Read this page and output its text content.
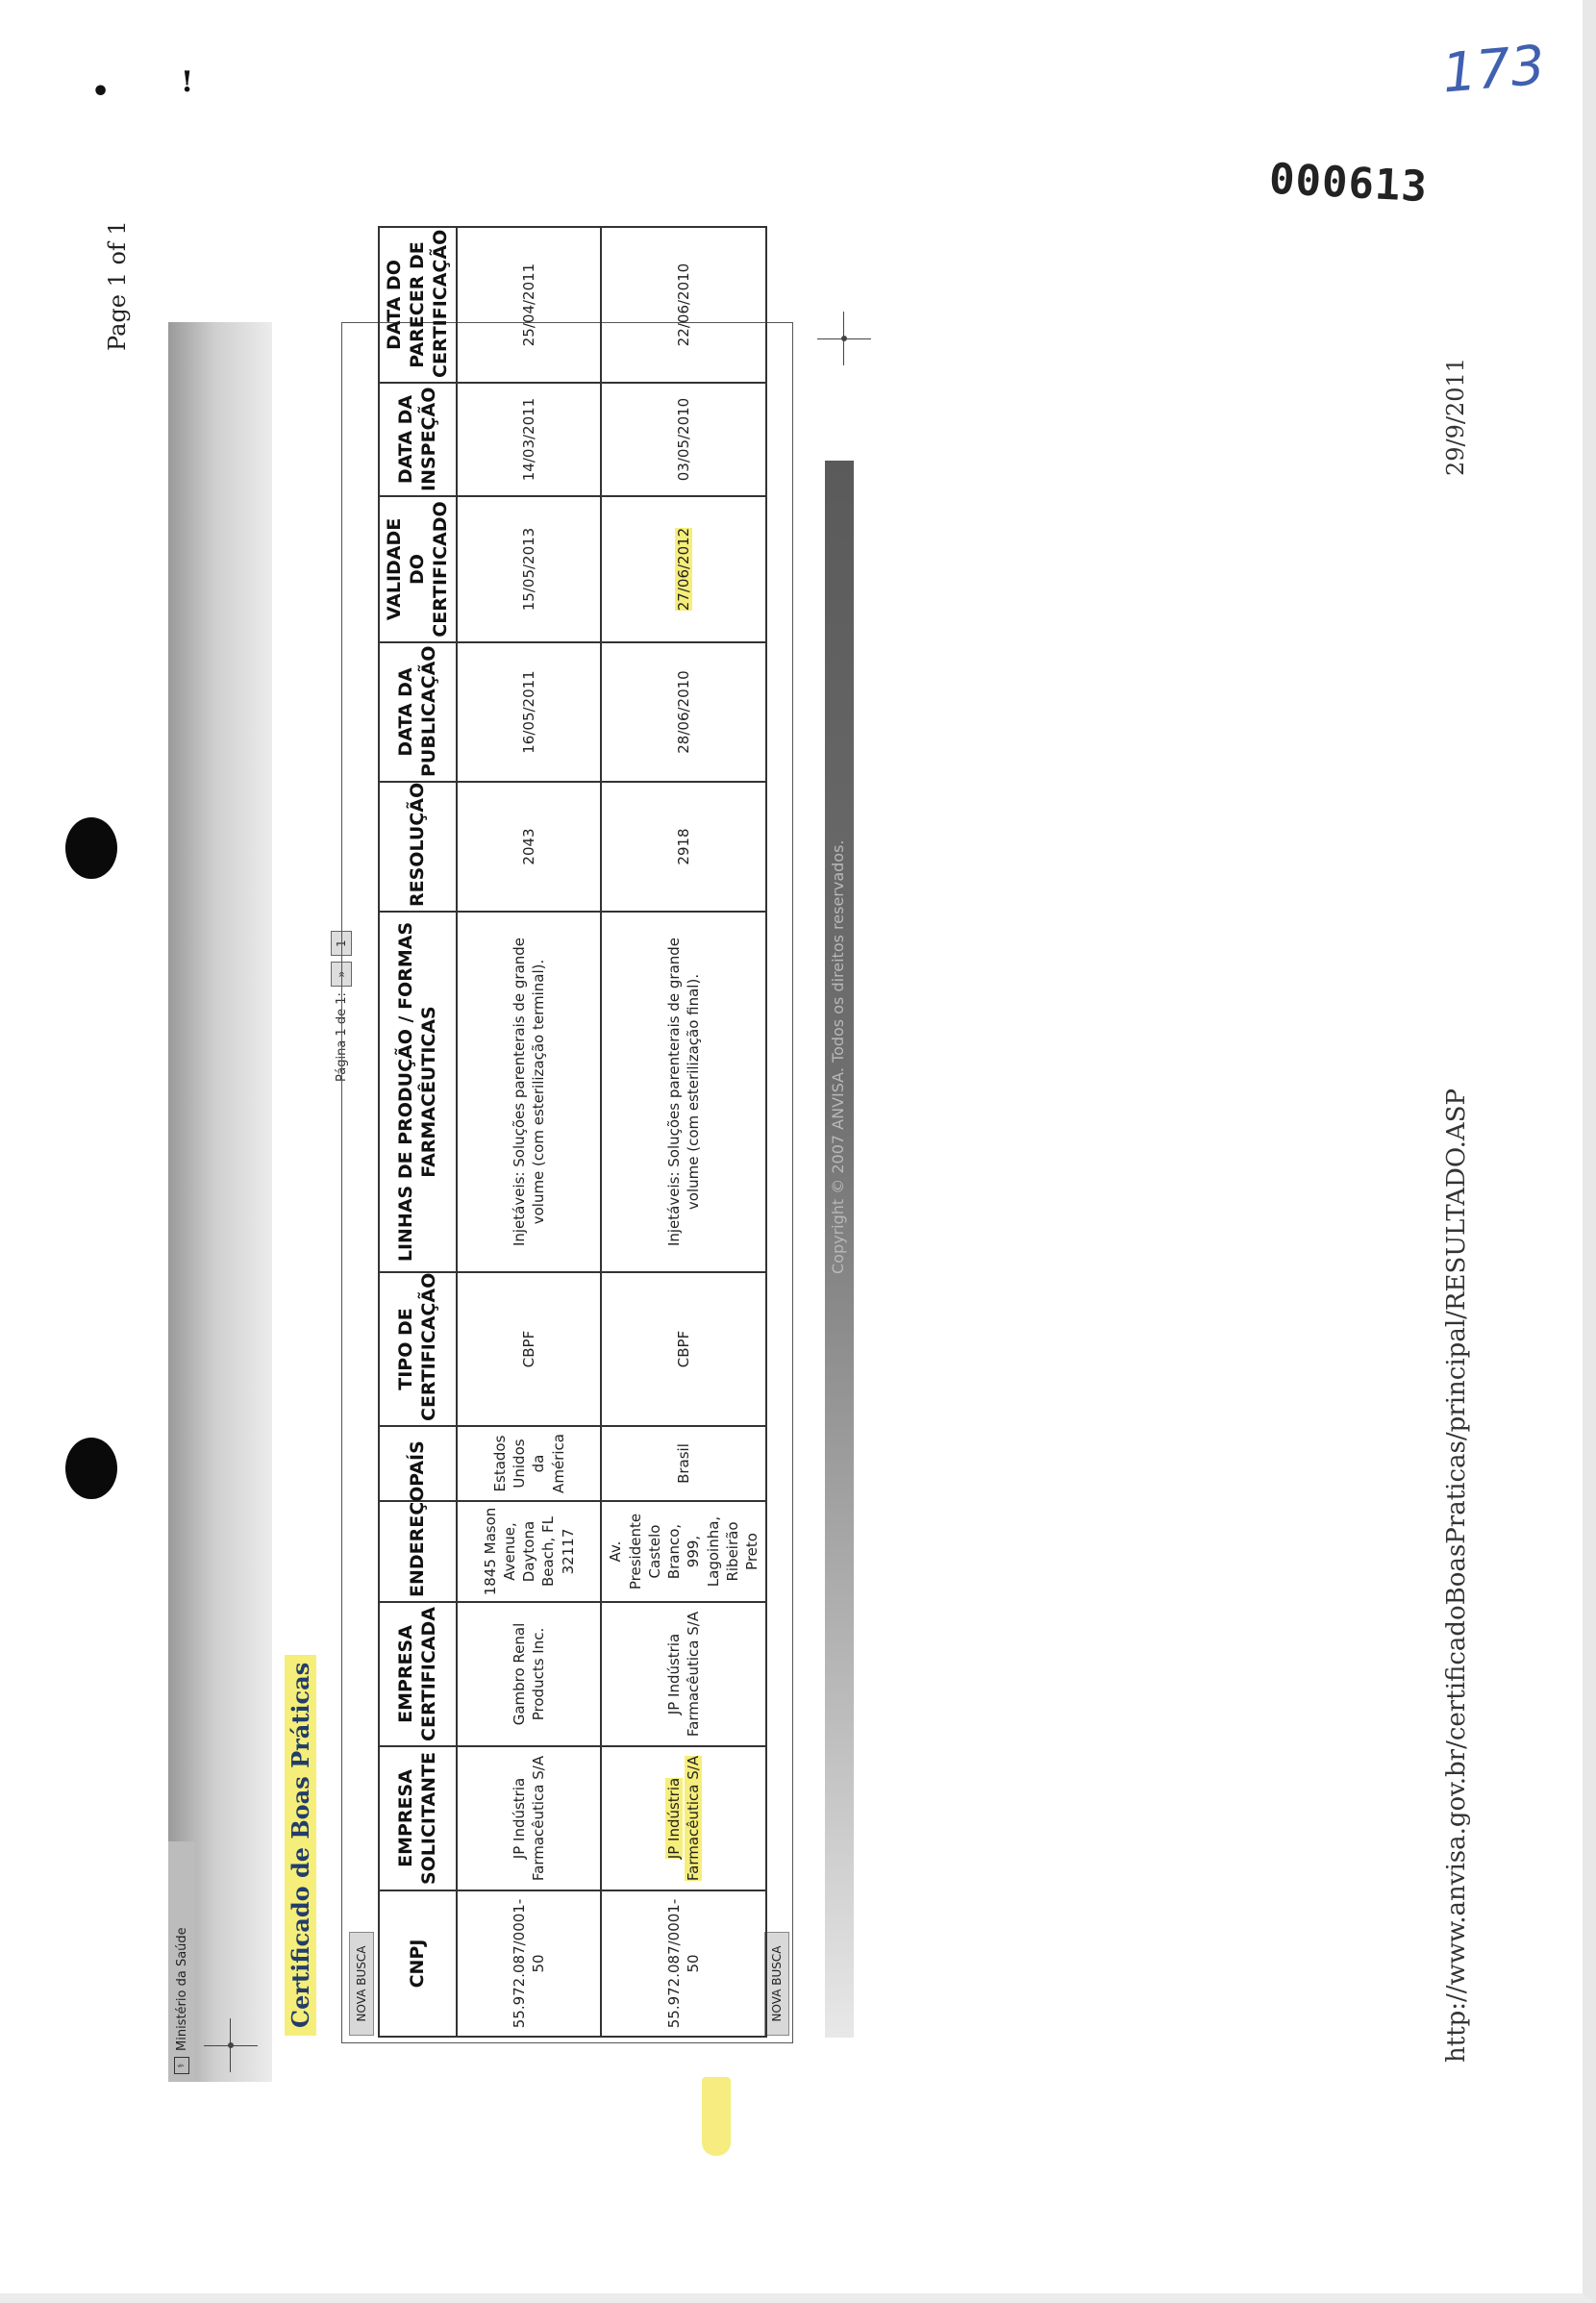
• !	173
000613
Page 1 of 1
⚕
Ministério da Saúde	Certificado de Boas Práticas
Página 1 de 1:
»
1
NOVA BUSCA	NOVA BUSCA
CNPJ	EMPRESA SOLICITANTE	EMPRESA CERTIFICADA	ENDEREÇO	PAÍS	TIPO DE CERTIFICAÇÃO	LINHAS DE PRODUÇÃO / FORMAS FARMACÊUTICAS	RESOLUÇÃO	DATA DA PUBLICAÇÃO	VALIDADE DO CERTIFICADO	DATA DA INSPEÇÃO	DATA DO PARECER DE CERTIFICAÇÃO
55.972.087/0001-50	JP Indústria Farmacêutica S/A	Gambro Renal Products Inc.	1845 Mason Avenue, Daytona Beach, FL 32117	Estados Unidos da América	CBPF	Injetáveis: Soluções parenterais de grande volume (com esterilização terminal).	2043	16/05/2011	15/05/2013	14/03/2011	25/04/2011
55.972.087/0001-50	JP Indústria Farmacêutica S/A	JP Indústria Farmacêutica S/A	Av. Presidente Castelo Branco, 999, Lagoinha, Ribeirão Preto	Brasil	CBPF	Injetáveis: Soluções parenterais de grande volume (com esterilização final).	2918	28/06/2010	27/06/2012	03/05/2010	22/06/2010
Copyright © 2007 ANVISA. Todos os direitos reservados.
http://www.anvisa.gov.br/certificadoBoasPraticas/principal/RESULTADO.ASP
29/9/2011
